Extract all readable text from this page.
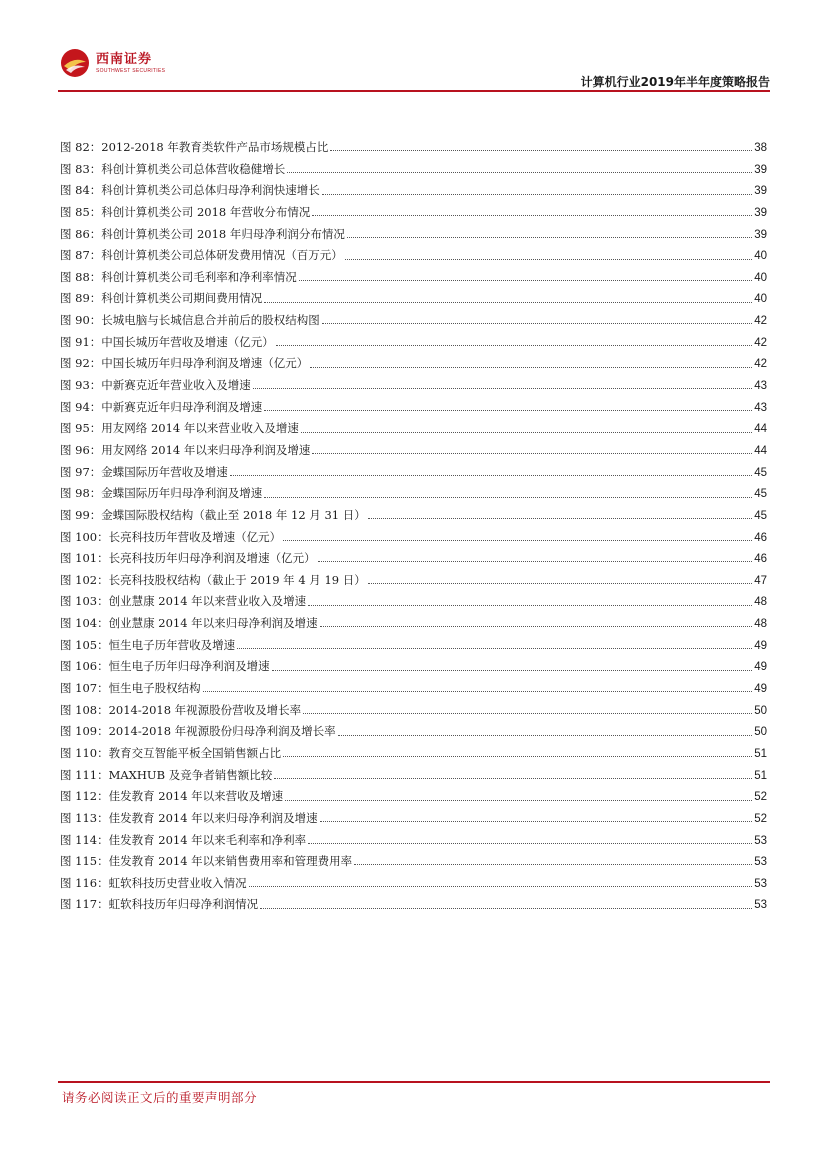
西南证券
SOUTHWEST SECURITIES
计算机行业2019年半年度策略报告
图 82：2012-2018 年教育类软件产品市场规模占比	38
图 83：科创计算机类公司总体营收稳健增长	39
图 84：科创计算机类公司总体归母净利润快速增长	39
图 85：科创计算机类公司 2018 年营收分布情况	39
图 86：科创计算机类公司 2018 年归母净利润分布情况	39
图 87：科创计算机类公司总体研发费用情况（百万元）	40
图 88：科创计算机类公司毛利率和净利率情况	40
图 89：科创计算机类公司期间费用情况	40
图 90：长城电脑与长城信息合并前后的股权结构图	42
图 91：中国长城历年营收及增速（亿元）	42
图 92：中国长城历年归母净利润及增速（亿元）	42
图 93：中新赛克近年营业收入及增速	43
图 94：中新赛克近年归母净利润及增速	43
图 95：用友网络 2014 年以来营业收入及增速	44
图 96：用友网络 2014 年以来归母净利润及增速	44
图 97：金蝶国际历年营收及增速	45
图 98：金蝶国际历年归母净利润及增速	45
图 99：金蝶国际股权结构（截止至 2018 年 12 月 31 日）	45
图 100：长亮科技历年营收及增速（亿元）	46
图 101：长亮科技历年归母净利润及增速（亿元）	46
图 102：长亮科技股权结构（截止于 2019 年 4 月 19 日）	47
图 103：创业慧康 2014 年以来营业收入及增速	48
图 104：创业慧康 2014 年以来归母净利润及增速	48
图 105：恒生电子历年营收及增速	49
图 106：恒生电子历年归母净利润及增速	49
图 107：恒生电子股权结构	49
图 108：2014-2018 年视源股份营收及增长率	50
图 109：2014-2018 年视源股份归母净利润及增长率	50
图 110：教育交互智能平板全国销售额占比	51
图 111：MAXHUB 及竞争者销售额比较	51
图 112：佳发教育 2014 年以来营收及增速	52
图 113：佳发教育 2014 年以来归母净利润及增速	52
图 114：佳发教育 2014 年以来毛利率和净利率	53
图 115：佳发教育 2014 年以来销售费用率和管理费用率	53
图 116：虹软科技历史营业收入情况	53
图 117：虹软科技历年归母净利润情况	53
请务必阅读正文后的重要声明部分
